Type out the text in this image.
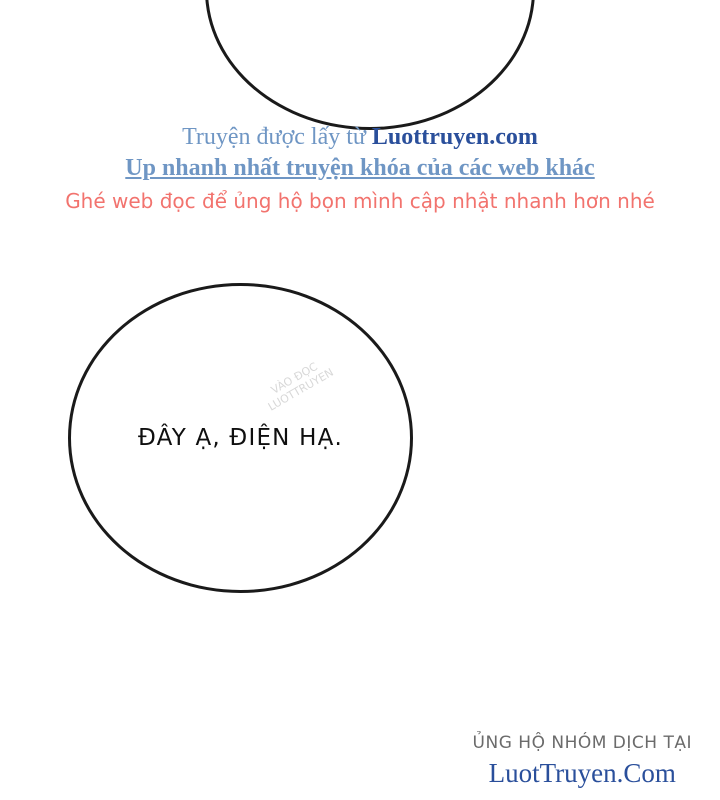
Truyện được lấy từ Luottruyen.com
Up nhanh nhất truyện khóa của các web khác
Ghé web đọc để ủng hộ bọn mình cập nhật nhanh hơn nhé
VÀO ĐỌC
LUOTTRUYEN
ĐÂY Ạ, ĐIỆN HẠ.
ỦNG HỘ NHÓM DỊCH TẠI
LuotTruyen.Com
